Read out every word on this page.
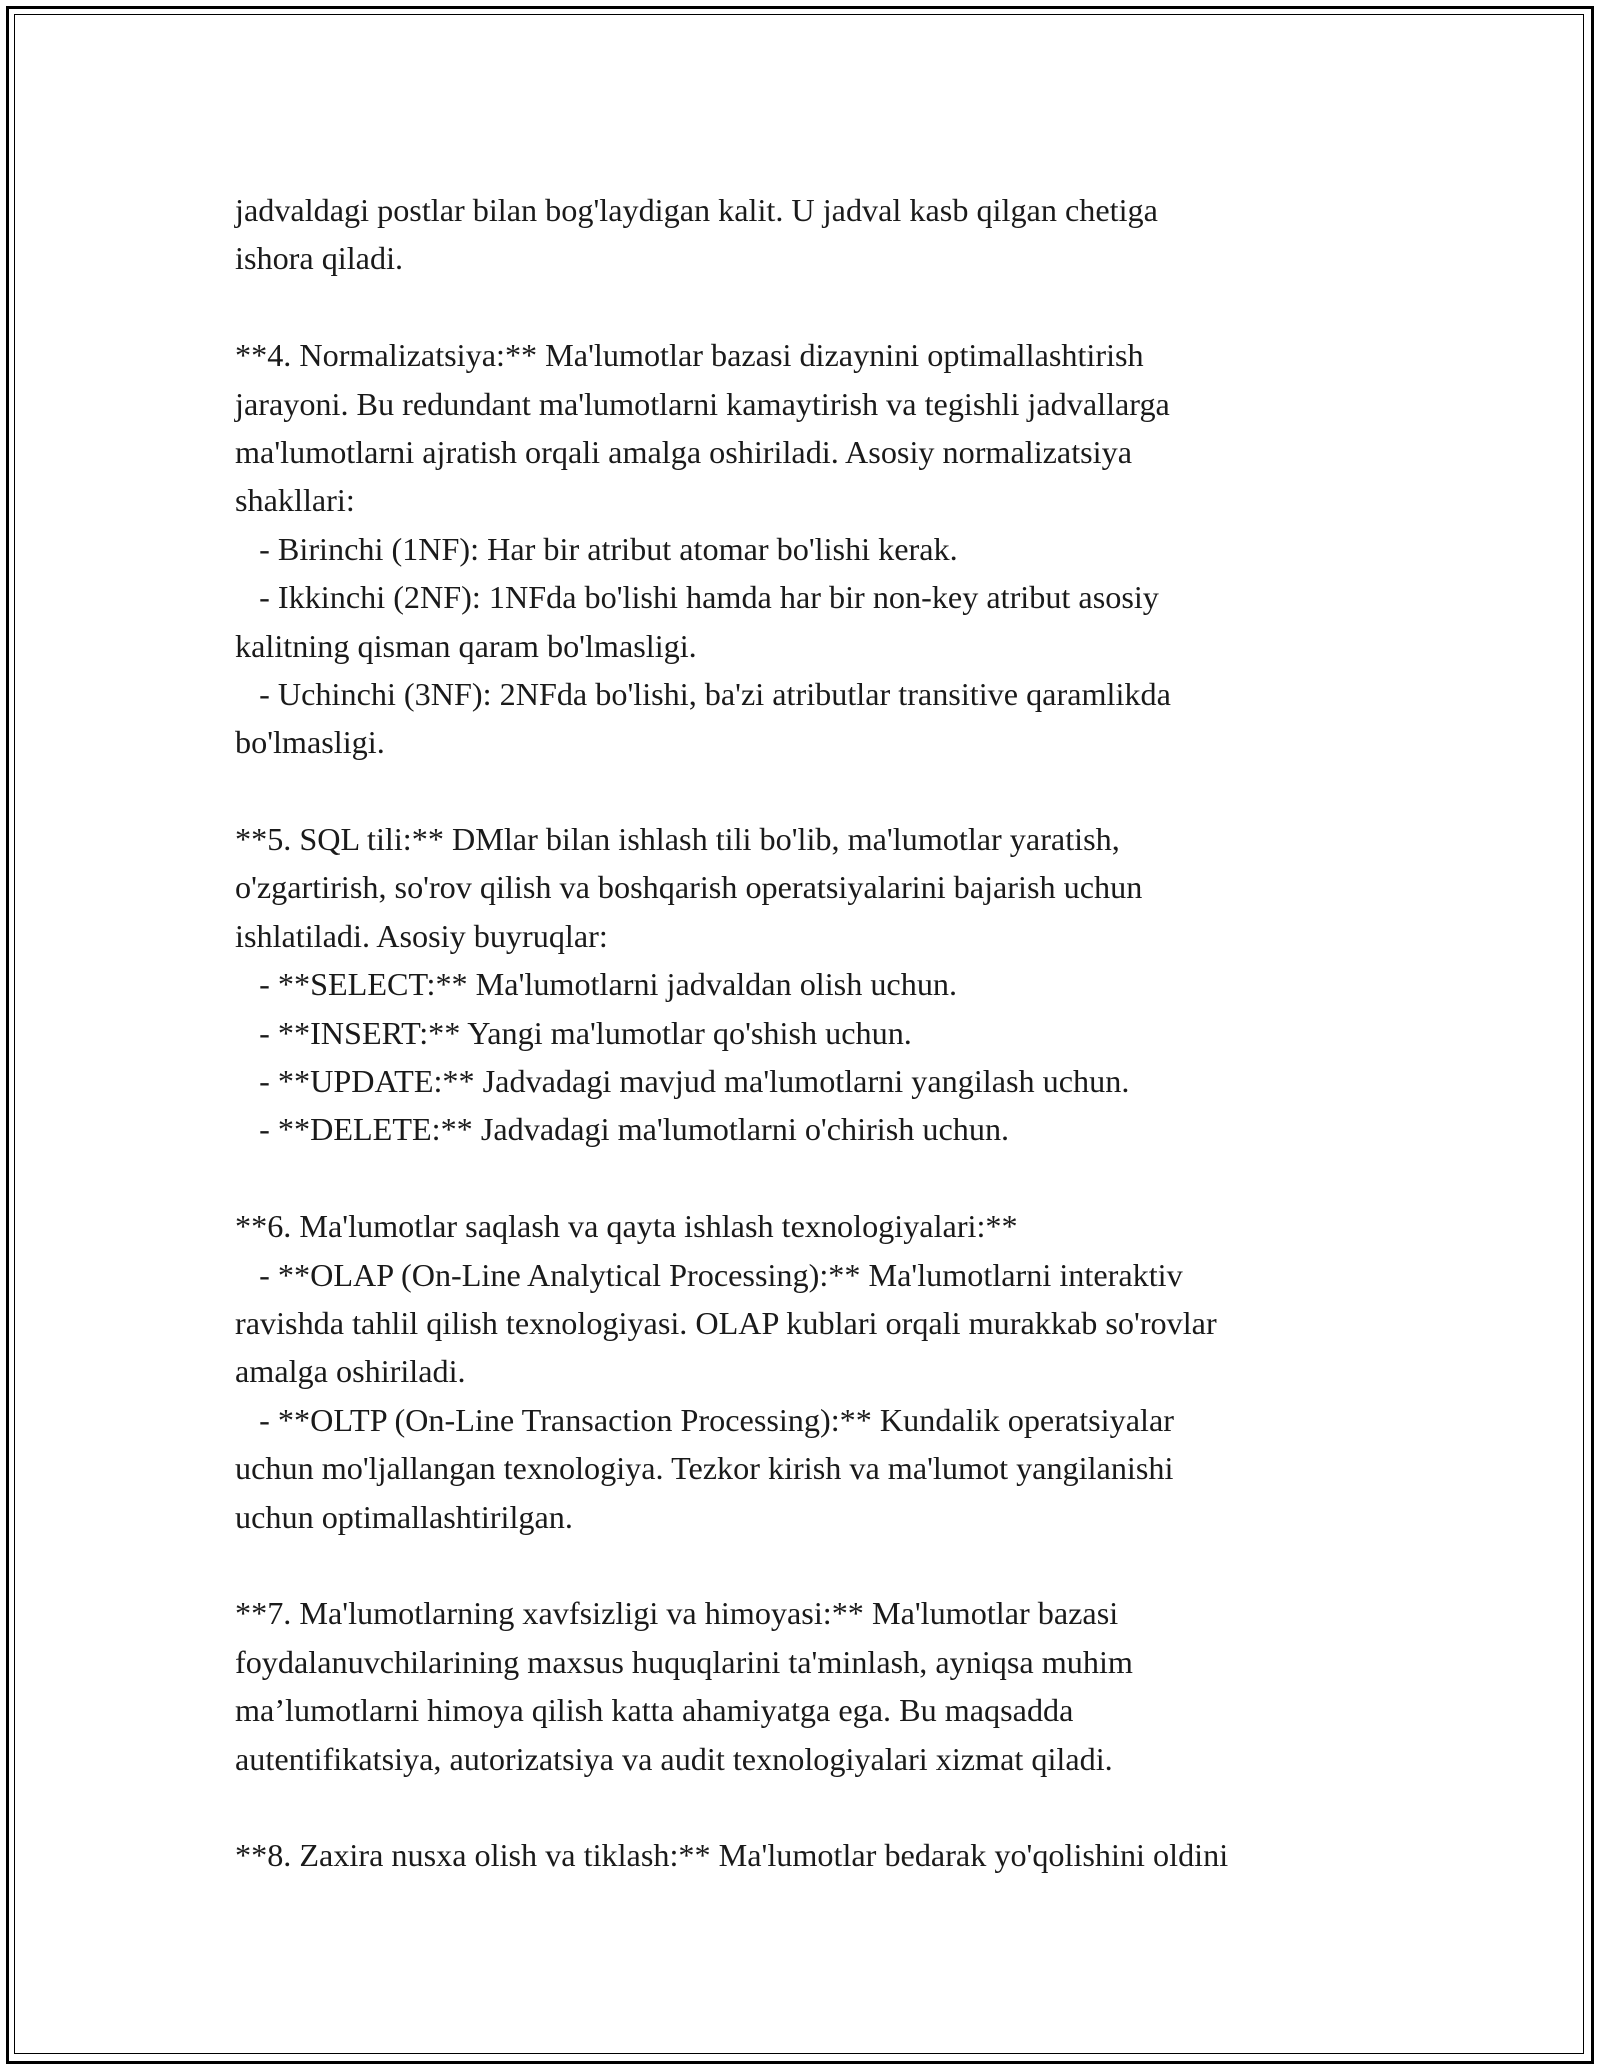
jadvaldagi postlar bilan bog'laydigan kalit. U jadval kasb qilgan chetiga
ishora qiladi.
**4. Normalizatsiya:** Ma'lumotlar bazasi dizaynini optimallashtirish
jarayoni. Bu redundant ma'lumotlarni kamaytirish va tegishli jadvallarga
ma'lumotlarni ajratish orqali amalga oshiriladi. Asosiy normalizatsiya
shakllari:
- Birinchi (1NF): Har bir atribut atomar bo'lishi kerak.
- Ikkinchi (2NF): 1NFda bo'lishi hamda har bir non-key atribut asosiy
kalitning qisman qaram bo'lmasligi.
- Uchinchi (3NF): 2NFda bo'lishi, ba'zi atributlar transitive qaramlikda
bo'lmasligi.
**5. SQL tili:** DMlar bilan ishlash tili bo'lib, ma'lumotlar yaratish,
o'zgartirish, so'rov qilish va boshqarish operatsiyalarini bajarish uchun
ishlatiladi. Asosiy buyruqlar:
- **SELECT:** Ma'lumotlarni jadvaldan olish uchun.
- **INSERT:** Yangi ma'lumotlar qo'shish uchun.
- **UPDATE:** Jadvadagi mavjud ma'lumotlarni yangilash uchun.
- **DELETE:** Jadvadagi ma'lumotlarni o'chirish uchun.
**6. Ma'lumotlar saqlash va qayta ishlash texnologiyalari:**
- **OLAP (On-Line Analytical Processing):** Ma'lumotlarni interaktiv
ravishda tahlil qilish texnologiyasi. OLAP kublari orqali murakkab so'rovlar
amalga oshiriladi.
- **OLTP (On-Line Transaction Processing):** Kundalik operatsiyalar
uchun mo'ljallangan texnologiya. Tezkor kirish va ma'lumot yangilanishi
uchun optimallashtirilgan.
**7. Ma'lumotlarning xavfsizligi va himoyasi:** Ma'lumotlar bazasi
foydalanuvchilarining maxsus huquqlarini ta'minlash, ayniqsa muhim
ma’lumotlarni himoya qilish katta ahamiyatga ega. Bu maqsadda
autentifikatsiya, autorizatsiya va audit texnologiyalari xizmat qiladi.
**8. Zaxira nusxa olish va tiklash:** Ma'lumotlar bedarak yo'qolishini oldini
